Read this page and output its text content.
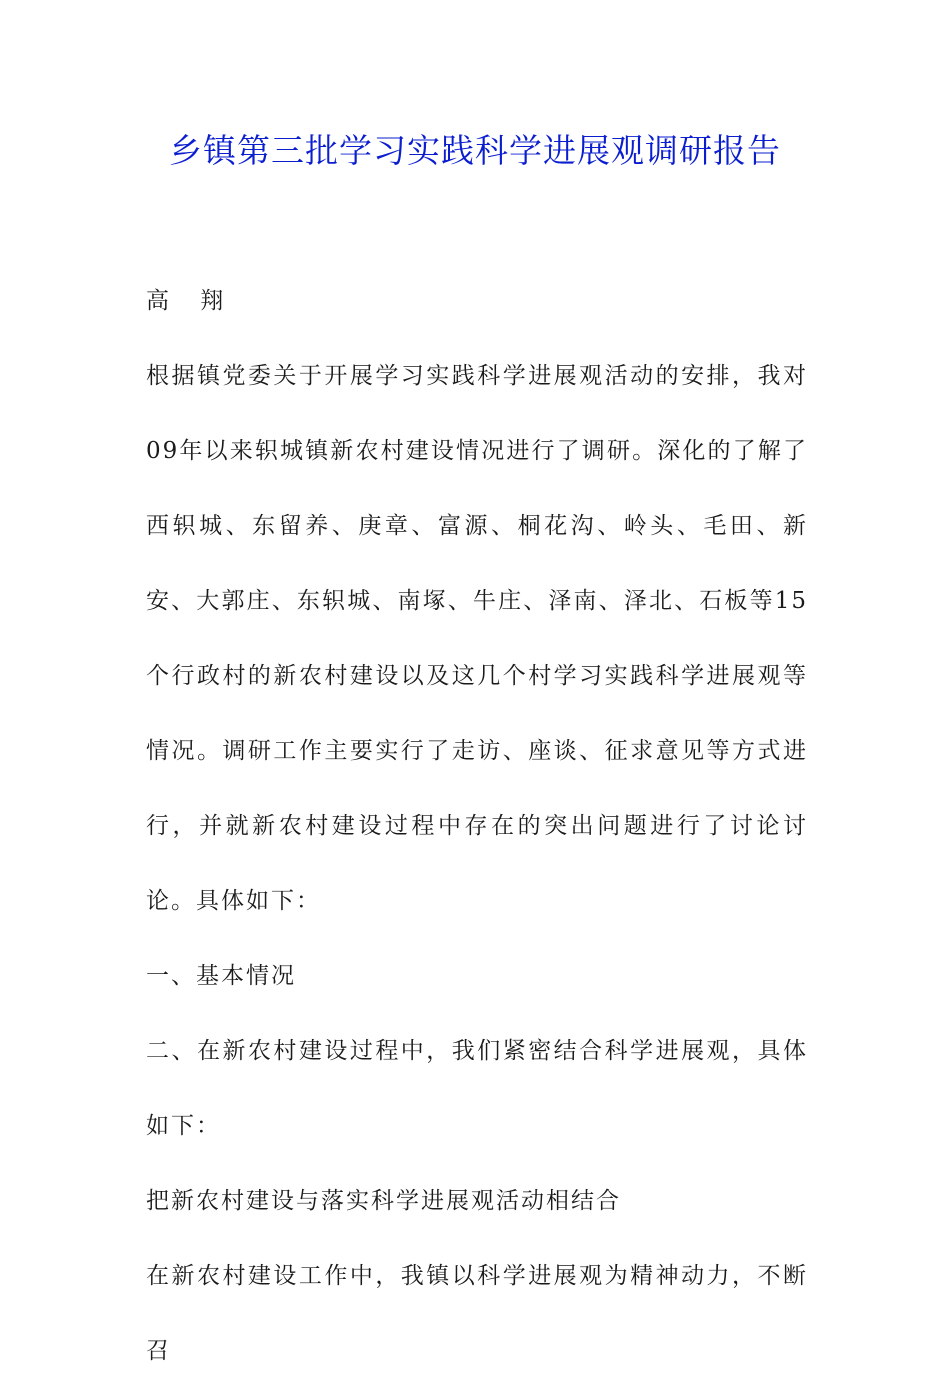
乡镇第三批学习实践科学进展观调研报告

高 翔

根据镇党委关于开展学习实践科学进展观活动的安排，我对09年以来轵城镇新农村建设情况进行了调研。深化的了解了西轵城、东留养、庚章、富源、桐花沟、岭头、毛田、新安、大郭庄、东轵城、南塚、牛庄、泽南、泽北、石板等15个行政村的新农村建设以及这几个村学习实践科学进展观等情况。调研工作主要实行了走访、座谈、征求意见等方式进行，并就新农村建设过程中存在的突出问题进行了讨论讨论。具体如下：

一、基本情况

二、在新农村建设过程中，我们紧密结合科学进展观，具体如下：

把新农村建设与落实科学进展观活动相结合

在新农村建设工作中，我镇以科学进展观为精神动力，不断召
